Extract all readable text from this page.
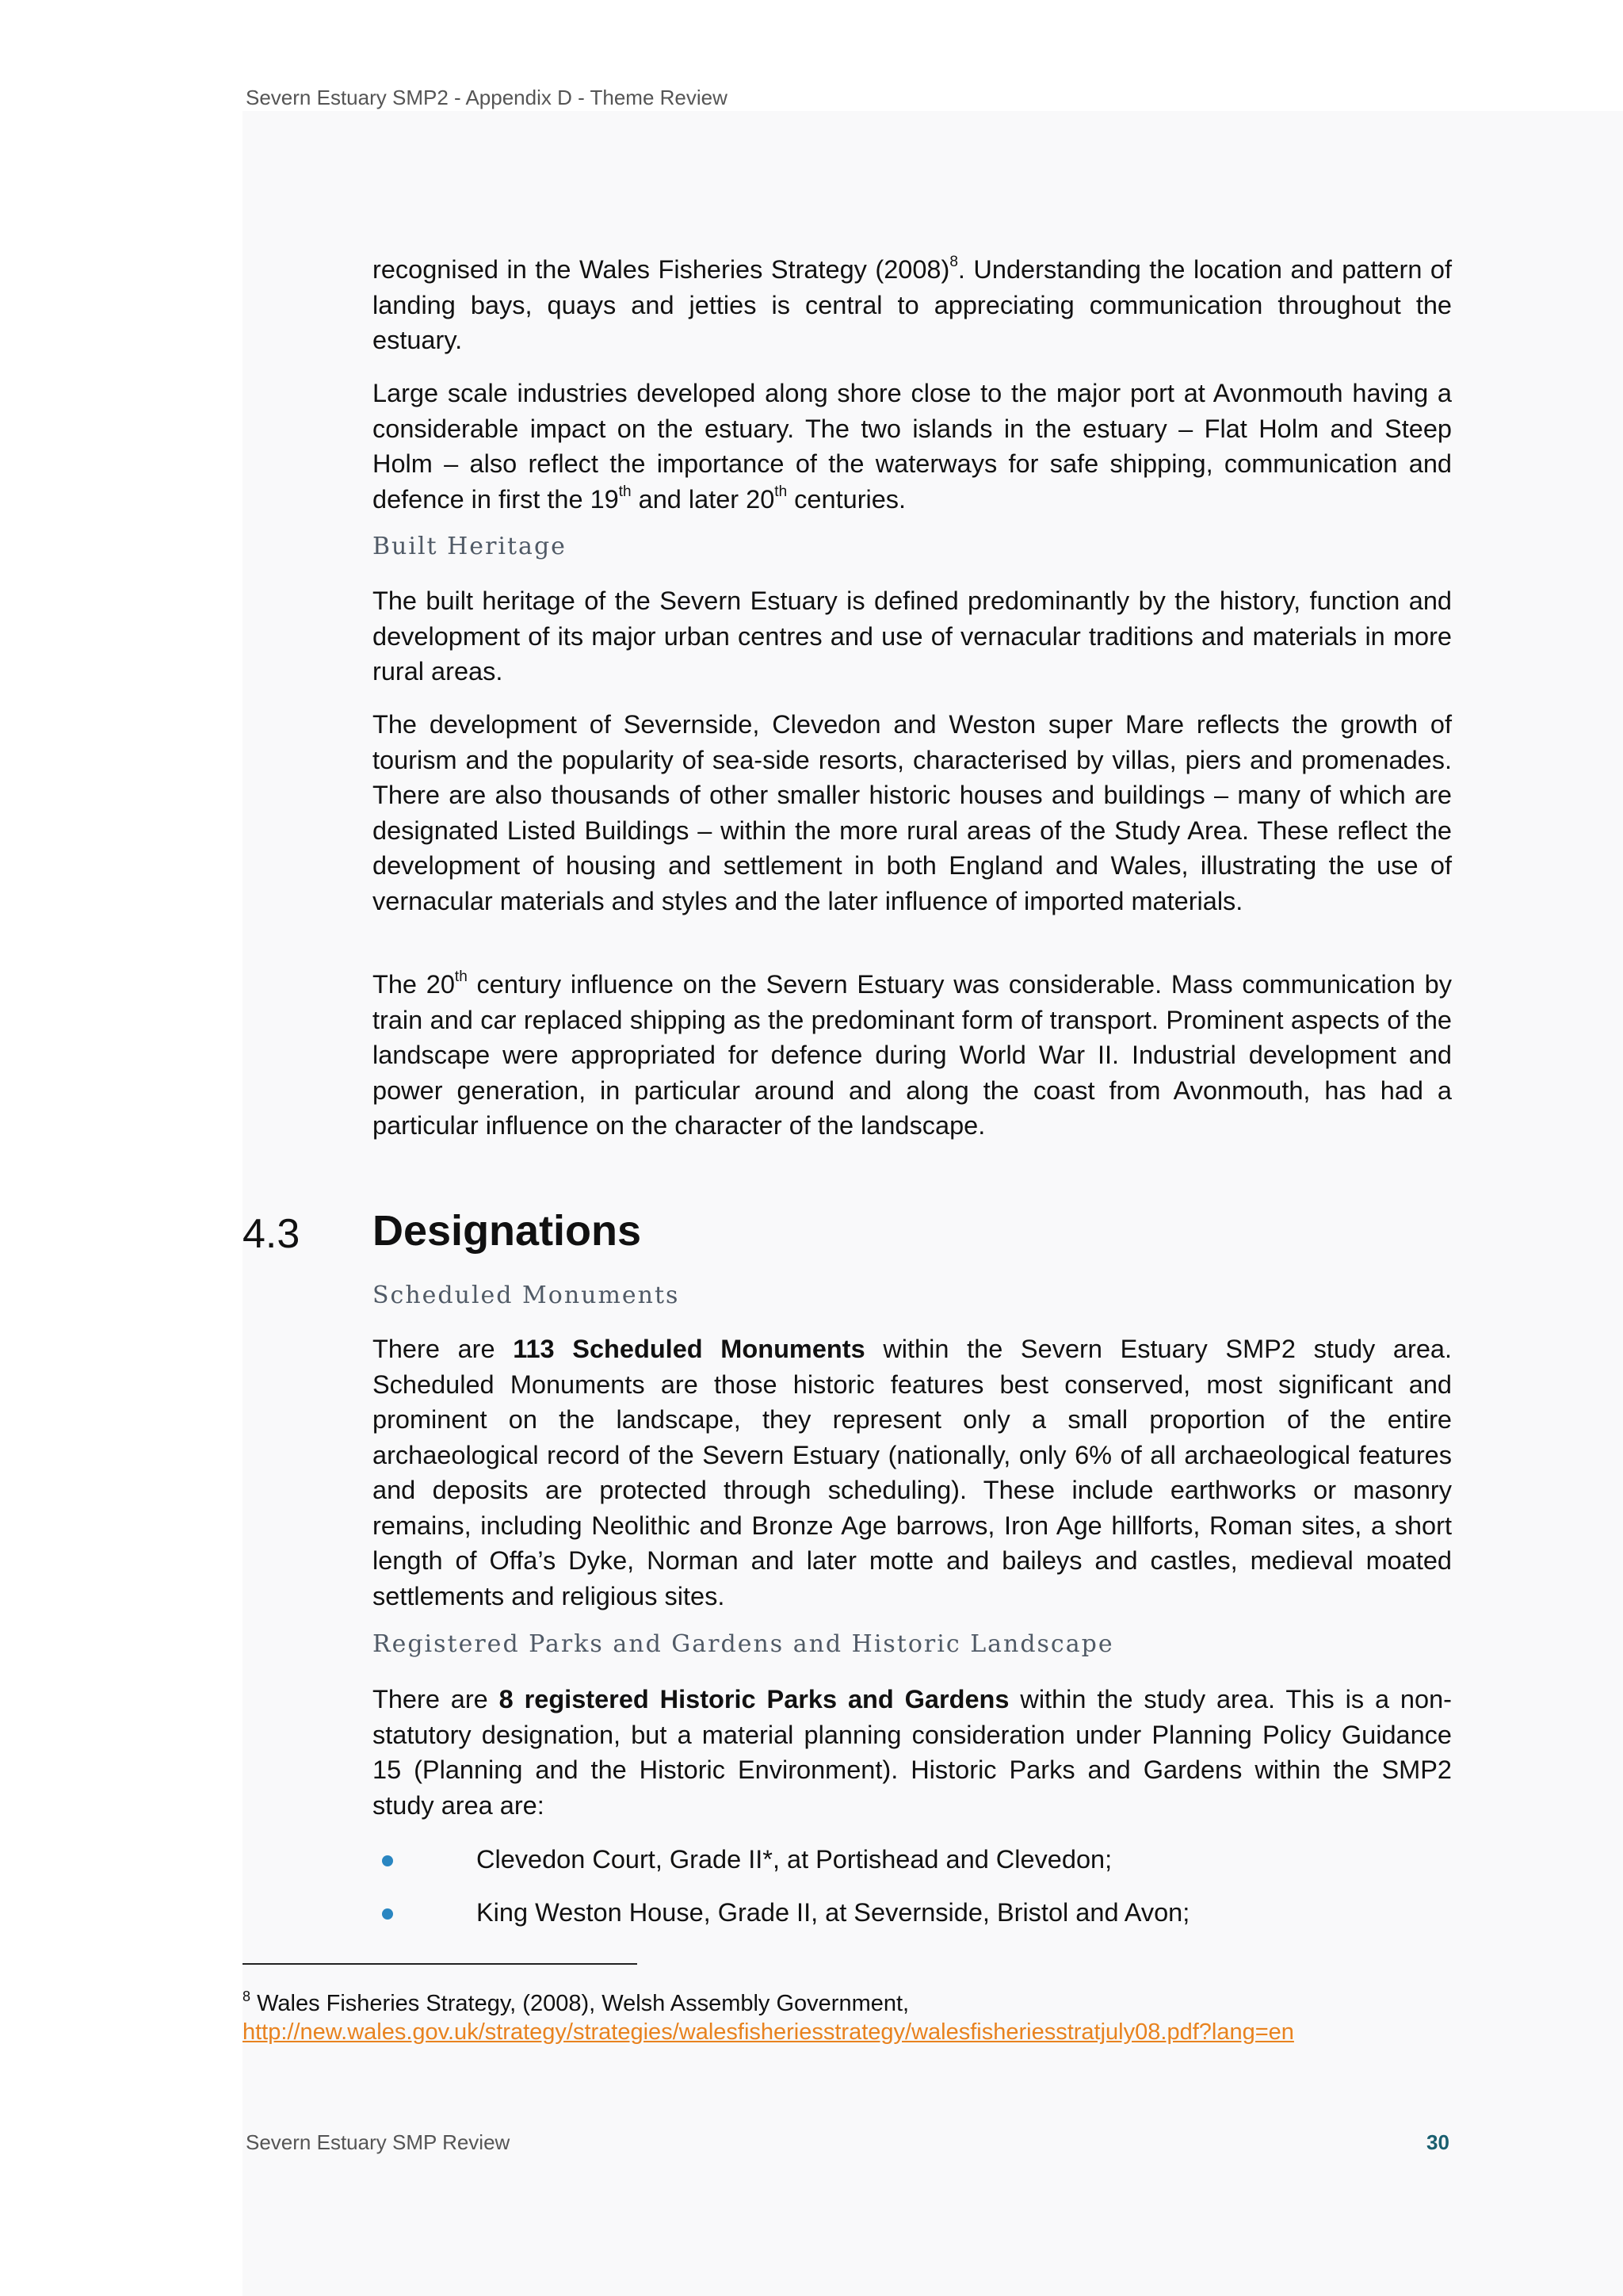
Severn Estuary SMP2 - Appendix D - Theme Review

recognised in the Wales Fisheries Strategy $(2008)^8$. Understanding the location and pattern of landing bays, quays and jetties is central to appreciating communication throughout the estuary.

Large scale industries developed along shore close to the major port at Avonmouth having a considerable impact on the estuary. The two islands in the estuary – Flat Holm and Steep Holm – also reflect the importance of the waterways for safe shipping, communication and defence in first the 19th and later 20th centuries.

Built Heritage

The built heritage of the Severn Estuary is defined predominantly by the history, function and development of its major urban centres and use of vernacular traditions and materials in more rural areas.

The development of Severnside, Clevedon and Weston super Mare reflects the growth of tourism and the popularity of sea-side resorts, characterised by villas, piers and promenades. There are also thousands of other smaller historic houses and buildings – many of which are designated Listed Buildings – within the more rural areas of the Study Area. These reflect the development of housing and settlement in both England and Wales, illustrating the use of vernacular materials and styles and the later influence of imported materials.

The 20th century influence on the Severn Estuary was considerable. Mass communication by train and car replaced shipping as the predominant form of transport. Prominent aspects of the landscape were appropriated for defence during World War II. Industrial development and power generation, in particular around and along the coast from Avonmouth, has had a particular influence on the character of the landscape.

4.3 Designations
Scheduled Monuments

There are 113 Scheduled Monuments within the Severn Estuary SMP2 study area. Scheduled Monuments are those historic features best conserved, most significant and prominent on the landscape, they represent only a small proportion of the entire archaeological record of the Severn Estuary (nationally, only 6% of all archaeological features and deposits are protected through scheduling). These include earthworks or masonry remains, including Neolithic and Bronze Age barrows, Iron Age hillforts, Roman sites, a short length of Offa’s Dyke, Norman and later motte and baileys and castles, medieval moated settlements and religious sites.

Registered Parks and Gardens and Historic Landscape

There are 8 registered Historic Parks and Gardens within the study area. This is a non-statutory designation, but a material planning consideration under Planning Policy Guidance 15 (Planning and the Historic Environment). Historic Parks and Gardens within the SMP2 study area are:

Clevedon Court, Grade II*, at Portishead and Clevedon;
King Weston House, Grade II, at Severnside, Bristol and Avon;
$^8$ Wales Fisheries Strategy, (2008), Welsh Assembly Government,
http://new.wales.gov.uk/strategy/strategies/walesfisheriesstrategy/walesfisheriesstratjuly08.pdf?lang=en
Severn Estuary SMP Review	30
